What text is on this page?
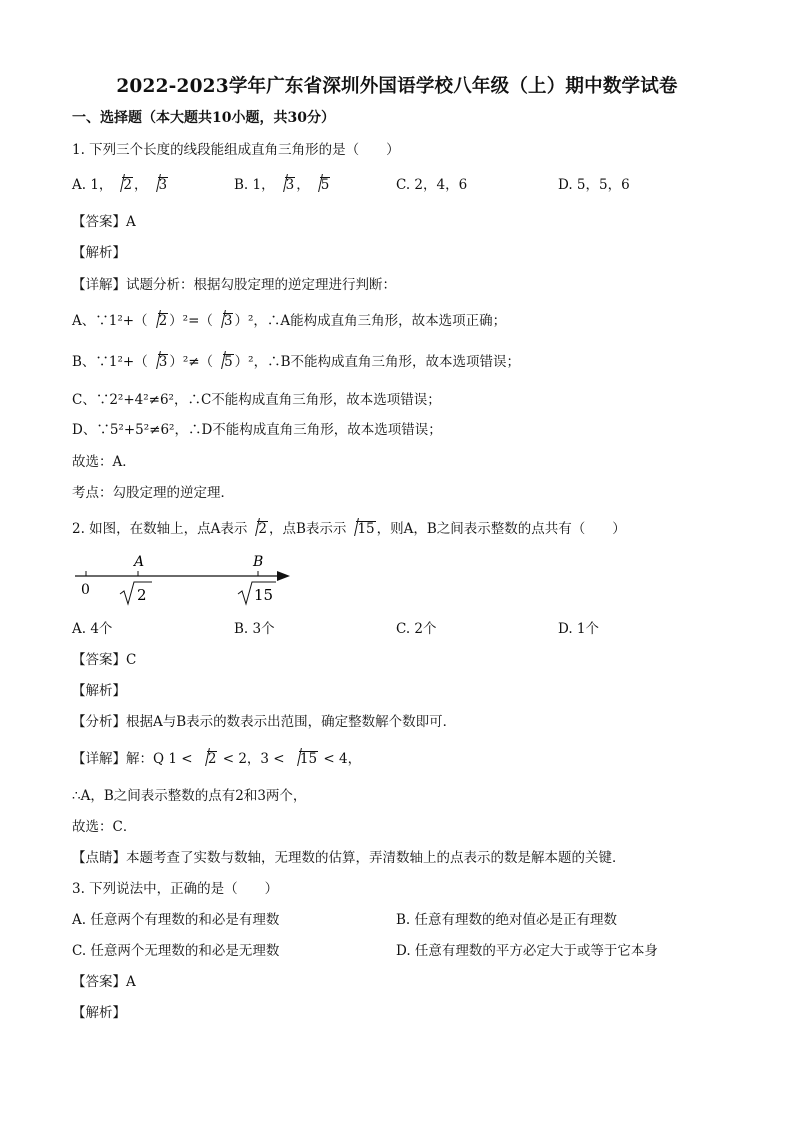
2022-2023学年广东省深圳外国语学校八年级（上）期中数学试卷
一、选择题（本大题共10小题，共30分）
1. 下列三个长度的线段能组成直角三角形的是（　　）
A. 1， 2 ， 3	B. 1， 3 ， 5	C. 2，4，6	D. 5，5，6
【答案】A
【解析】
【详解】试题分析：根据勾股定理的逆定理进行判断：
A、∵1²+（ 2 ）²=（ 3 ）²，∴A能构成直角三角形，故本选项正确；
B、∵1²+（ 3 ）²≠（ 5 ）²，∴B不能构成直角三角形，故本选项错误；
C、∵2²+4²≠6²，∴C不能构成直角三角形，故本选项错误；
D、∵5²+5²≠6²，∴D不能构成直角三角形，故本选项错误；
故选：A．
考点：勾股定理的逆定理．
2. 如图，在数轴上，点A表示 2 ，点B表示示 15 ，则A，B之间表示整数的点共有（　　）
A	B
0	2	15
A. 4个	B. 3个	C. 2个	D. 1个
【答案】C
【解析】
【分析】根据A与B表示的数表示出范围，确定整数解个数即可．
【详解】解：Q 1 < 2 < 2，3 < 15 < 4，
∴A，B之间表示整数的点有2和3两个，
故选：C．
【点睛】本题考查了实数与数轴，无理数的估算，弄清数轴上的点表示的数是解本题的关键．
3. 下列说法中，正确的是（　　）
A. 任意两个有理数的和必是有理数	B. 任意有理数的绝对值必是正有理数
C. 任意两个无理数的和必是无理数	D. 任意有理数的平方必定大于或等于它本身
【答案】A
【解析】
